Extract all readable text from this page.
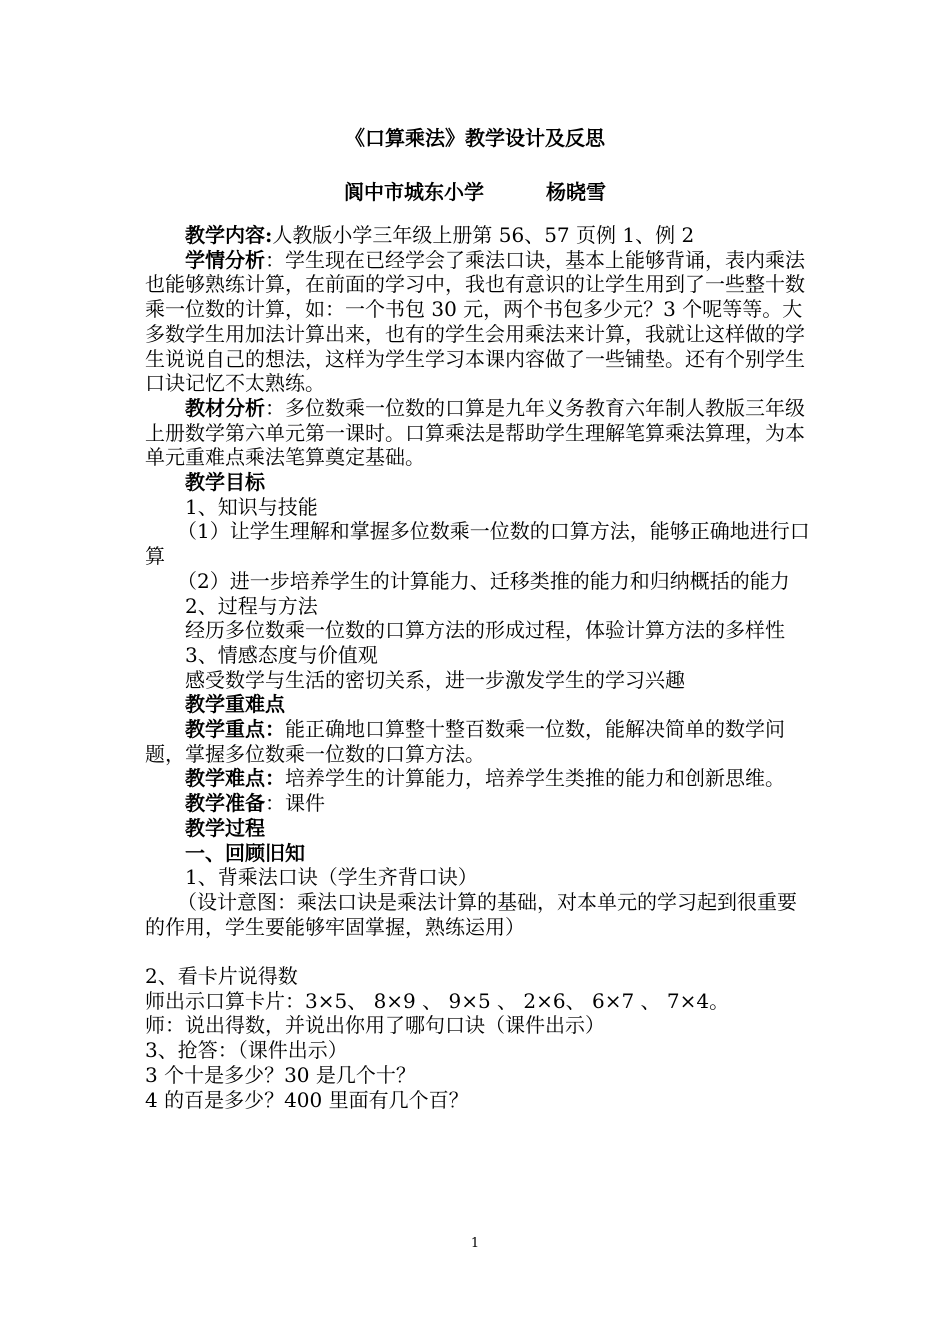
《口算乘法》教学设计及反思
阆中市城东小学	杨晓雪

教学内容:人教版小学三年级上册第 56、57 页例 1、例 2

学情分析：学生现在已经学会了乘法口诀，基本上能够背诵，表内乘法也能够熟练计算，在前面的学习中，我也有意识的让学生用到了一些整十数乘一位数的计算，如：一个书包 30 元，两个书包多少元？3 个呢等等。大多数学生用加法计算出来，也有的学生会用乘法来计算，我就让这样做的学生说说自己的想法，这样为学生学习本课内容做了一些铺垫。还有个别学生口诀记忆不太熟练。

教材分析：多位数乘一位数的口算是九年义务教育六年制人教版三年级上册数学第六单元第一课时。口算乘法是帮助学生理解笔算乘法算理，为本单元重难点乘法笔算奠定基础。

教学目标

1、知识与技能

（1）让学生理解和掌握多位数乘一位数的口算方法，能够正确地进行口算

（2）进一步培养学生的计算能力、迁移类推的能力和归纳概括的能力

2、过程与方法

经历多位数乘一位数的口算方法的形成过程，体验计算方法的多样性

3、情感态度与价值观

感受数学与生活的密切关系，进一步激发学生的学习兴趣

教学重难点

教学重点：能正确地口算整十整百数乘一位数，能解决简单的数学问题，掌握多位数乘一位数的口算方法。

教学难点：培养学生的计算能力，培养学生类推的能力和创新思维。

教学准备：课件

教学过程

一、回顾旧知

1、背乘法口诀（学生齐背口诀）

（设计意图：乘法口诀是乘法计算的基础，对本单元的学习起到很重要的作用，学生要能够牢固掌握，熟练运用）

2、看卡片说得数

师出示口算卡片：3×5、 8×9 、 9×5 、 2×6、 6×7 、 7×4。

师：说出得数，并说出你用了哪句口诀（课件出示）

3、抢答：（课件出示）

3 个十是多少？30 是几个十？

4 的百是多少？400 里面有几个百？

1
